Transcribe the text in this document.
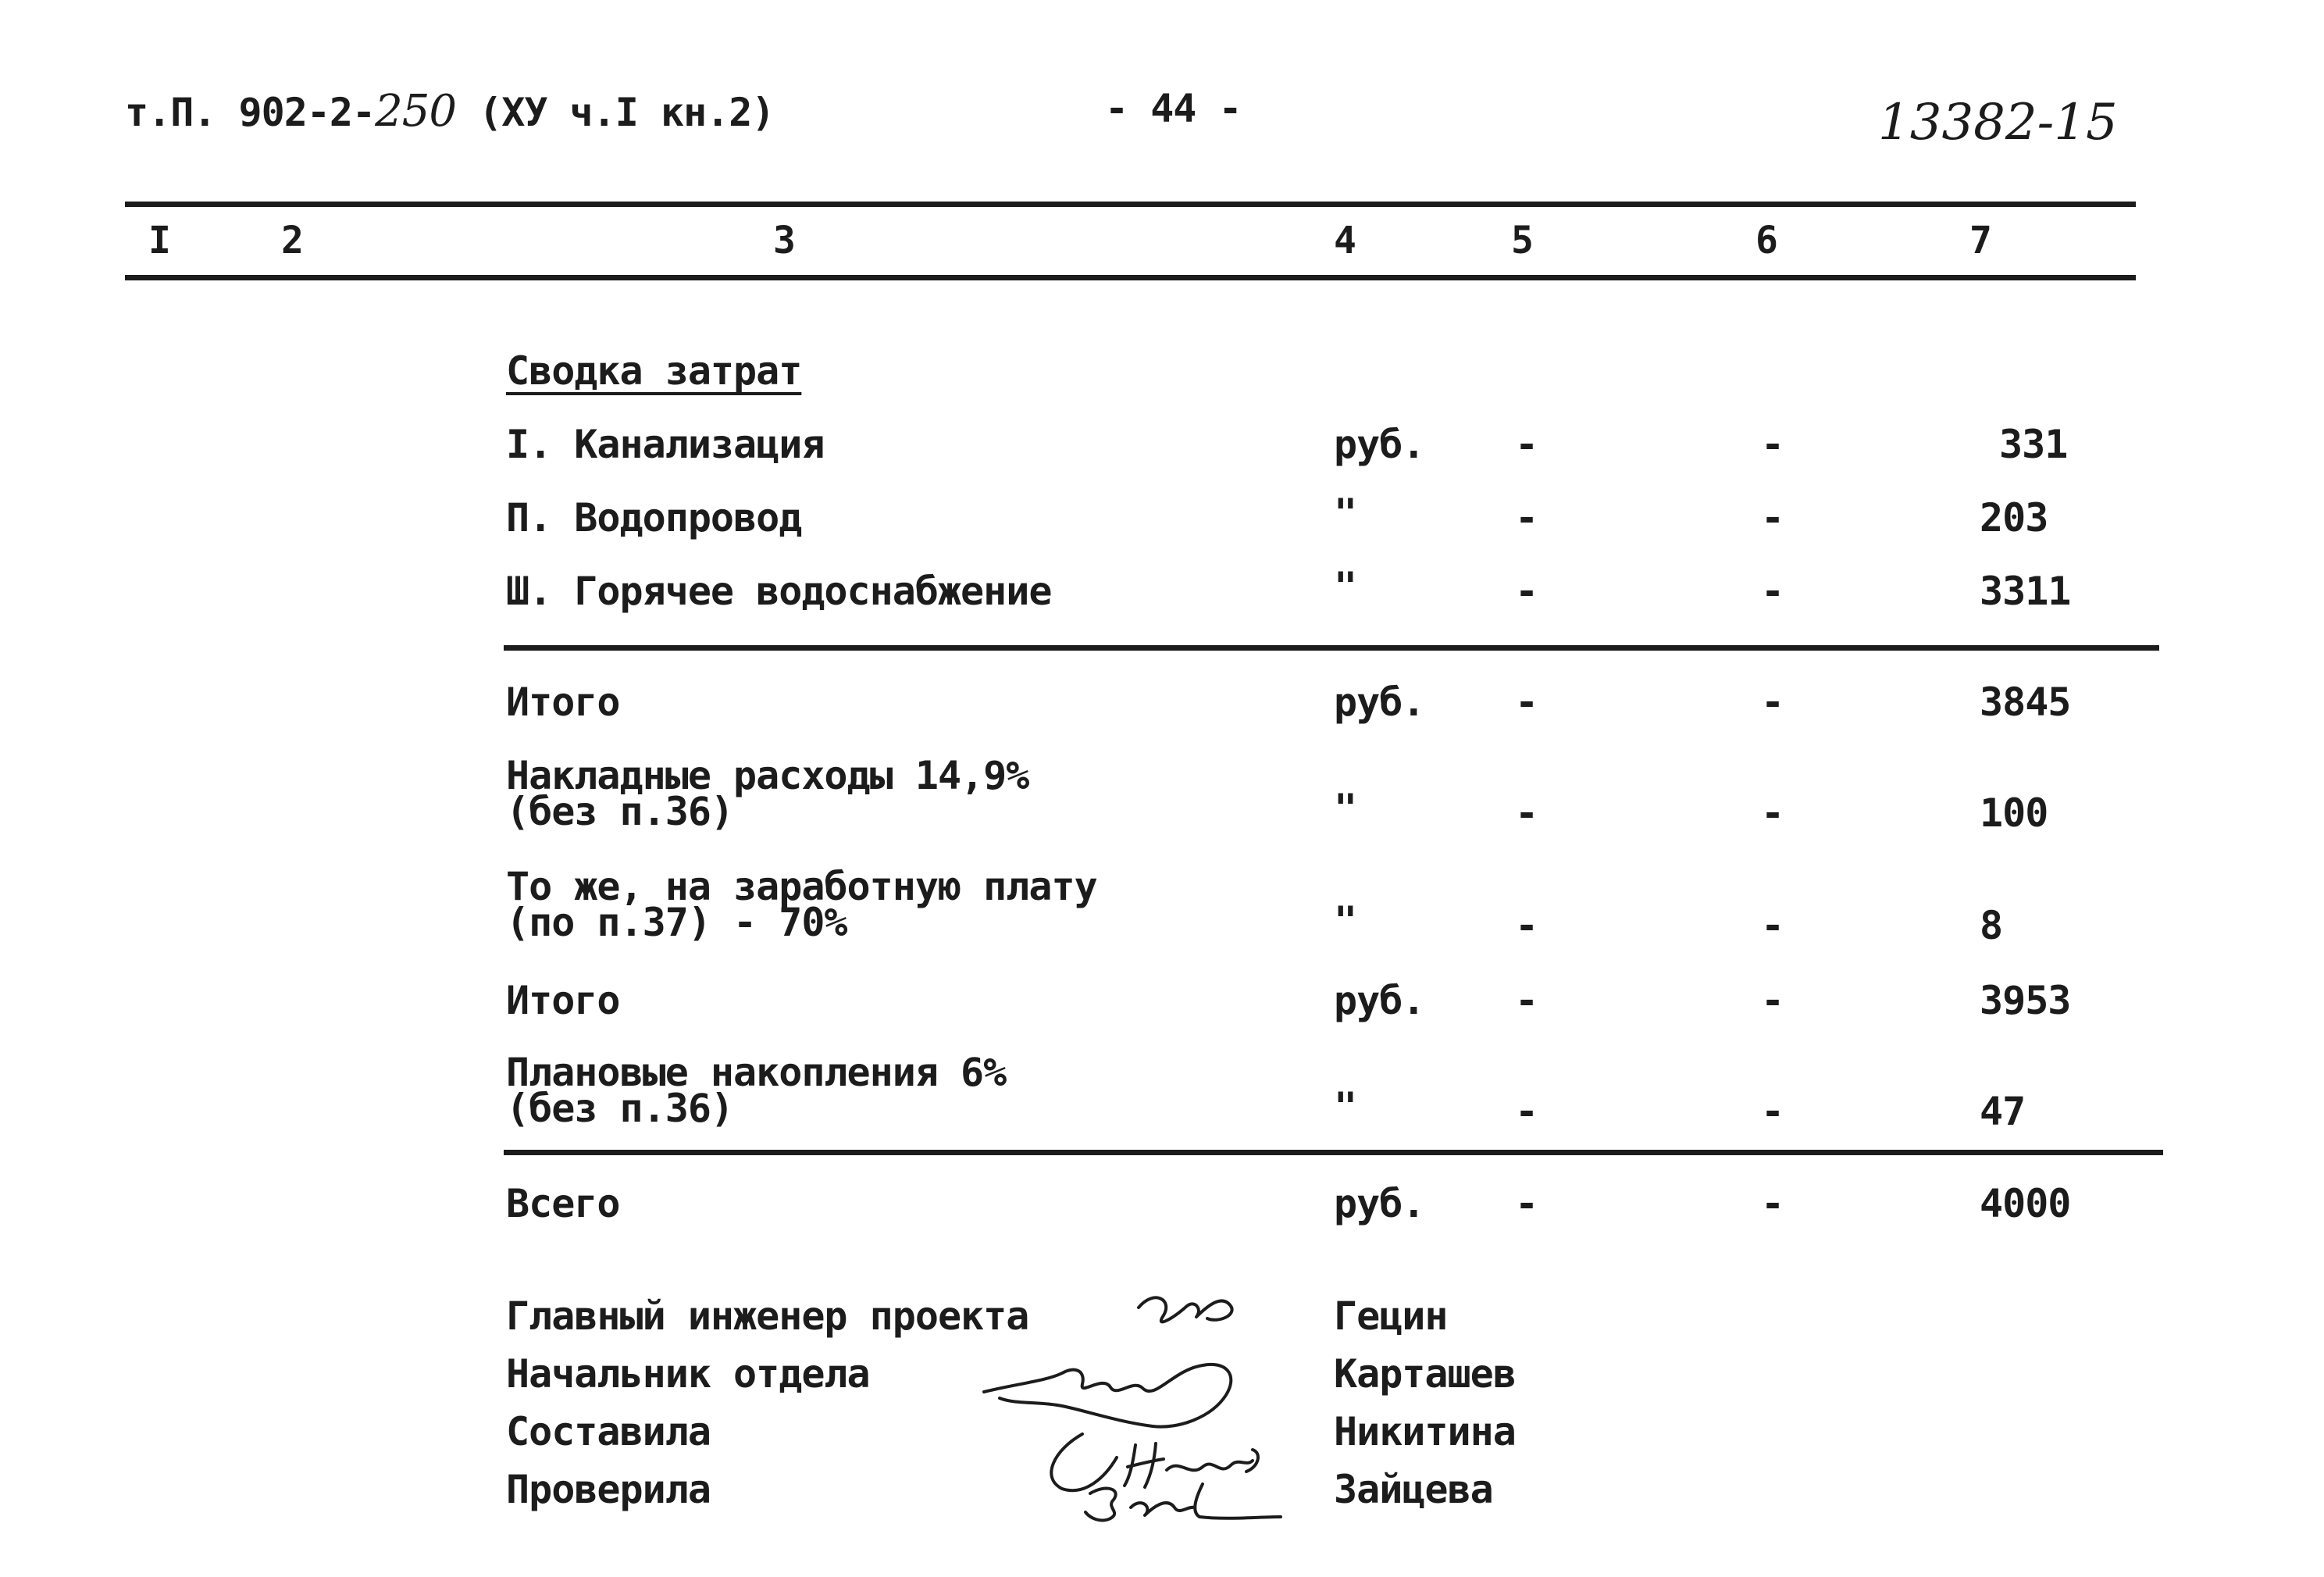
т.П. 902-2-250 (ХУ ч.I кн.2)	- 44 -	13382-15
I	2	3	4	5	6	7
Сводка затрат
I. Канализация	руб. -	-	331
П. Водопровод	"	-	-	203
Ш. Горячее водоснабжение	"	-	-	3311
Итого	руб. -	-	3845
Накладные расходы 14,9%
(без п.36)	"	-	-	100
То же, на заработную плату
(по п.37) - 70%	"	-	-	8
Итого	руб. -	-	3953
Плановые накопления 6%
(без п.36)	"	-	-	47
Всего	руб. -	-	4000
Главный инженер проекта	Гецин
Начальник отдела	Карташев
Составила	Никитина
Проверила	Зайцева
